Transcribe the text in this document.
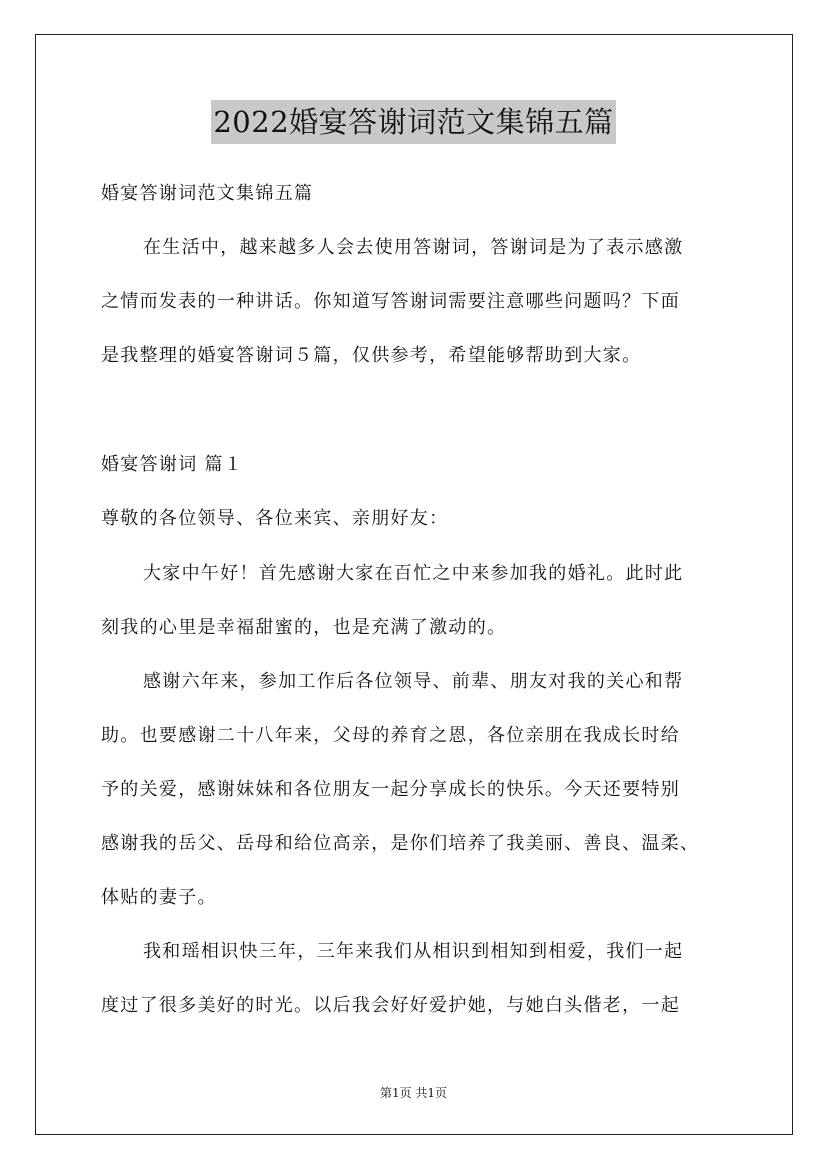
2022婚宴答谢词范文集锦五篇
婚宴答谢词范文集锦五篇
在生活中，越来越多人会去使用答谢词，答谢词是为了表示感激
之情而发表的一种讲话。你知道写答谢词需要注意哪些问题吗？下面
是我整理的婚宴答谢词５篇，仅供参考，希望能够帮助到大家。
婚宴答谢词 篇１
尊敬的各位领导、各位来宾、亲朋好友：
大家中午好！首先感谢大家在百忙之中来参加我的婚礼。此时此
刻我的心里是幸福甜蜜的，也是充满了激动的。
感谢六年来，参加工作后各位领导、前辈、朋友对我的关心和帮
助。也要感谢二十八年来，父母的养育之恩，各位亲朋在我成长时给
予的关爱，感谢妹妹和各位朋友一起分享成长的快乐。今天还要特别
感谢我的岳父、岳母和给位高亲，是你们培养了我美丽、善良、温柔、
体贴的妻子。
我和瑶相识快三年，三年来我们从相识到相知到相爱，我们一起
度过了很多美好的时光。以后我会好好爱护她，与她白头偕老，一起
第1页 共1页
